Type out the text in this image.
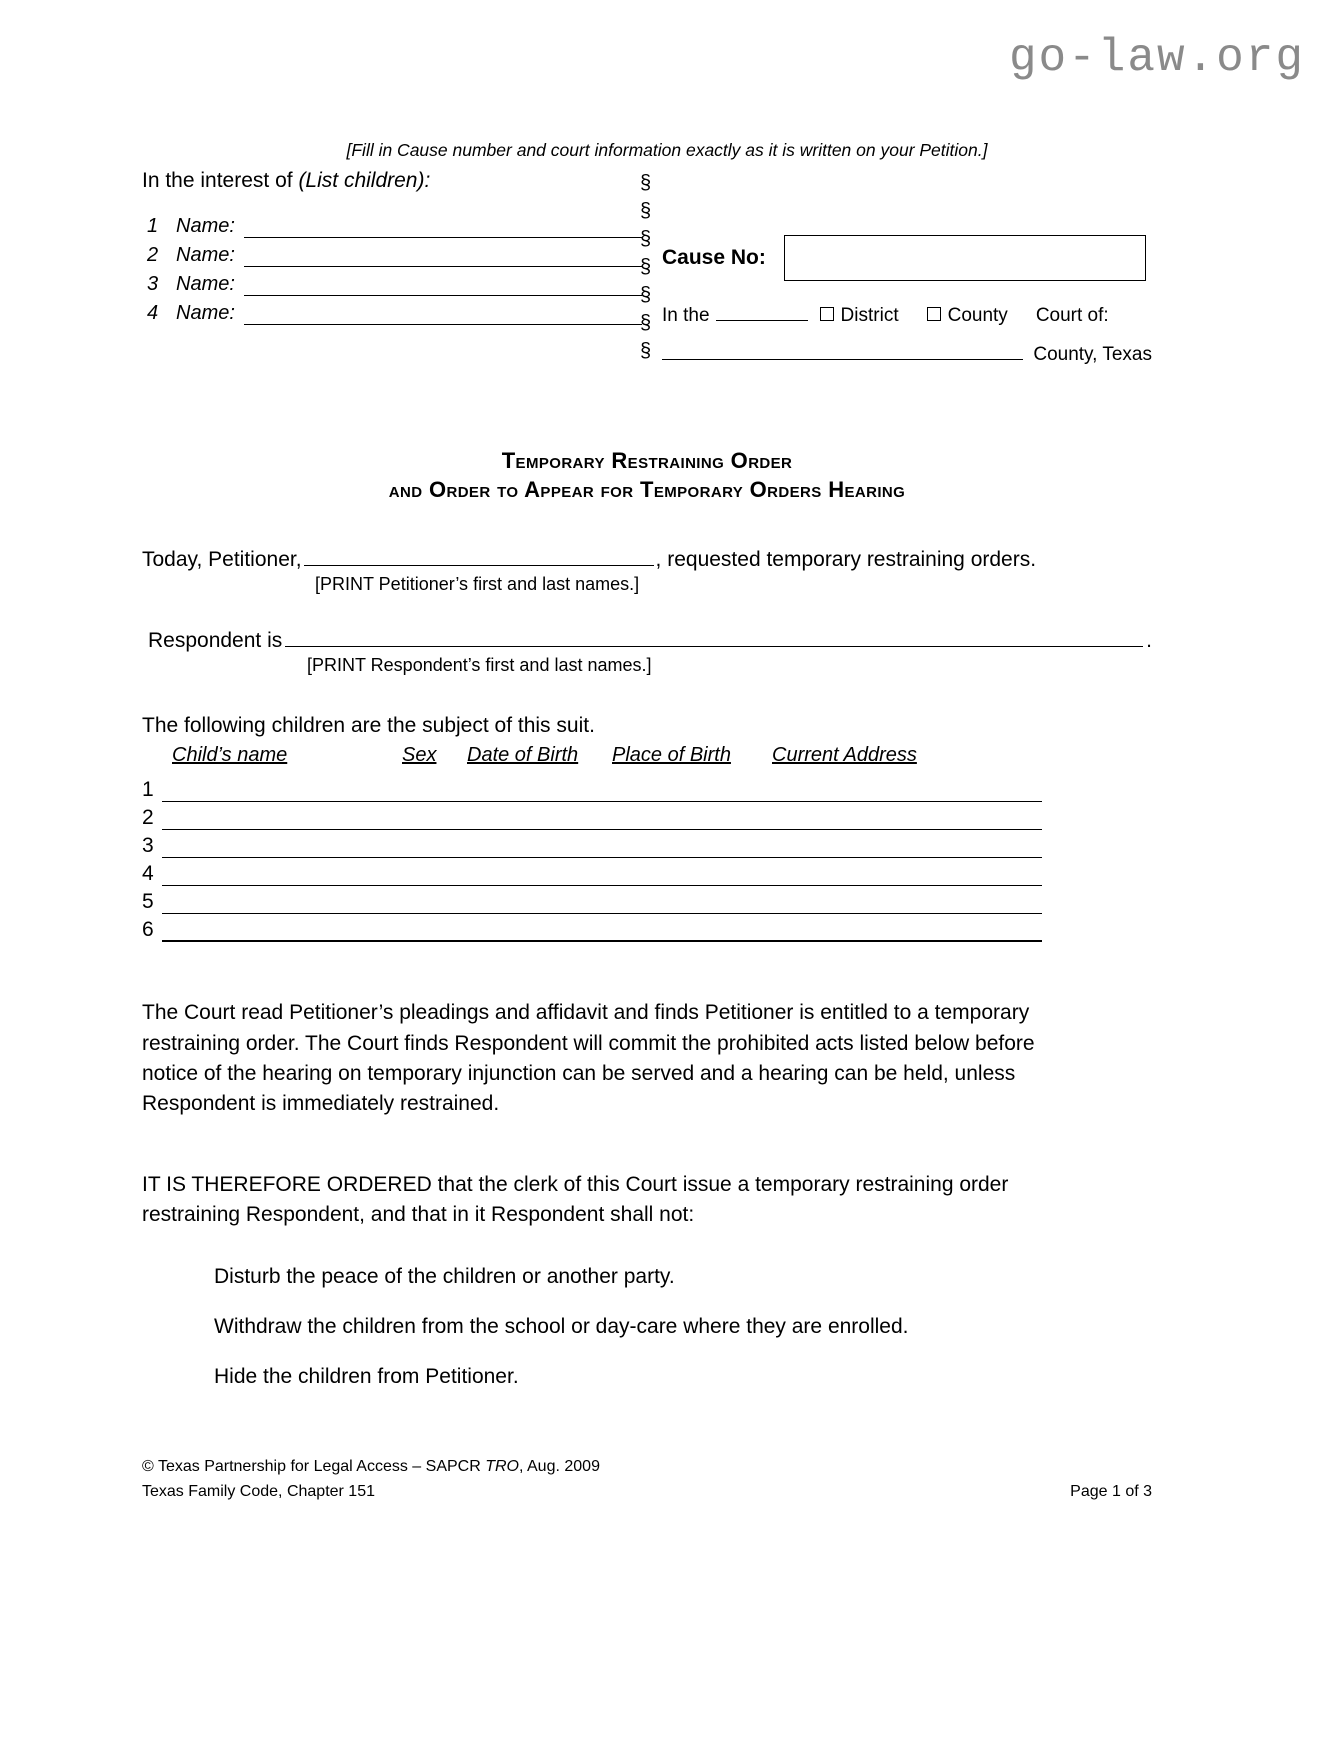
go-law.org
[Fill in Cause number and court information exactly as it is written on your Petition.]
In the interest of (List children):
1 Name:
2 Name:
3 Name:
4 Name:
§
§
§
§
§
§
§
Cause No:
In the	District	County Court of:
County, Texas
Temporary Restraining Order
and Order to Appear for Temporary Orders Hearing
Today, Petitioner,	, requested temporary restraining orders.
[PRINT Petitioner’s first and last names.]
Respondent is	.
[PRINT Respondent’s first and last names.]
The following children are the subject of this suit.
Child’s name	Sex Date of Birth Place of Birth Current Address
1
2
3
4
5
6
The Court read Petitioner’s pleadings and affidavit and finds Petitioner is entitled to a temporary restraining order. The Court finds Respondent will commit the prohibited acts listed below before notice of the hearing on temporary injunction can be served and a hearing can be held, unless Respondent is immediately restrained.
IT IS THEREFORE ORDERED that the clerk of this Court issue a temporary restraining order restraining Respondent, and that in it Respondent shall not:
Disturb the peace of the children or another party.
Withdraw the children from the school or day-care where they are enrolled.
Hide the children from Petitioner.
© Texas Partnership for Legal Access – SAPCR TRO, Aug. 2009
Texas Family Code, Chapter 151	Page 1 of 3
